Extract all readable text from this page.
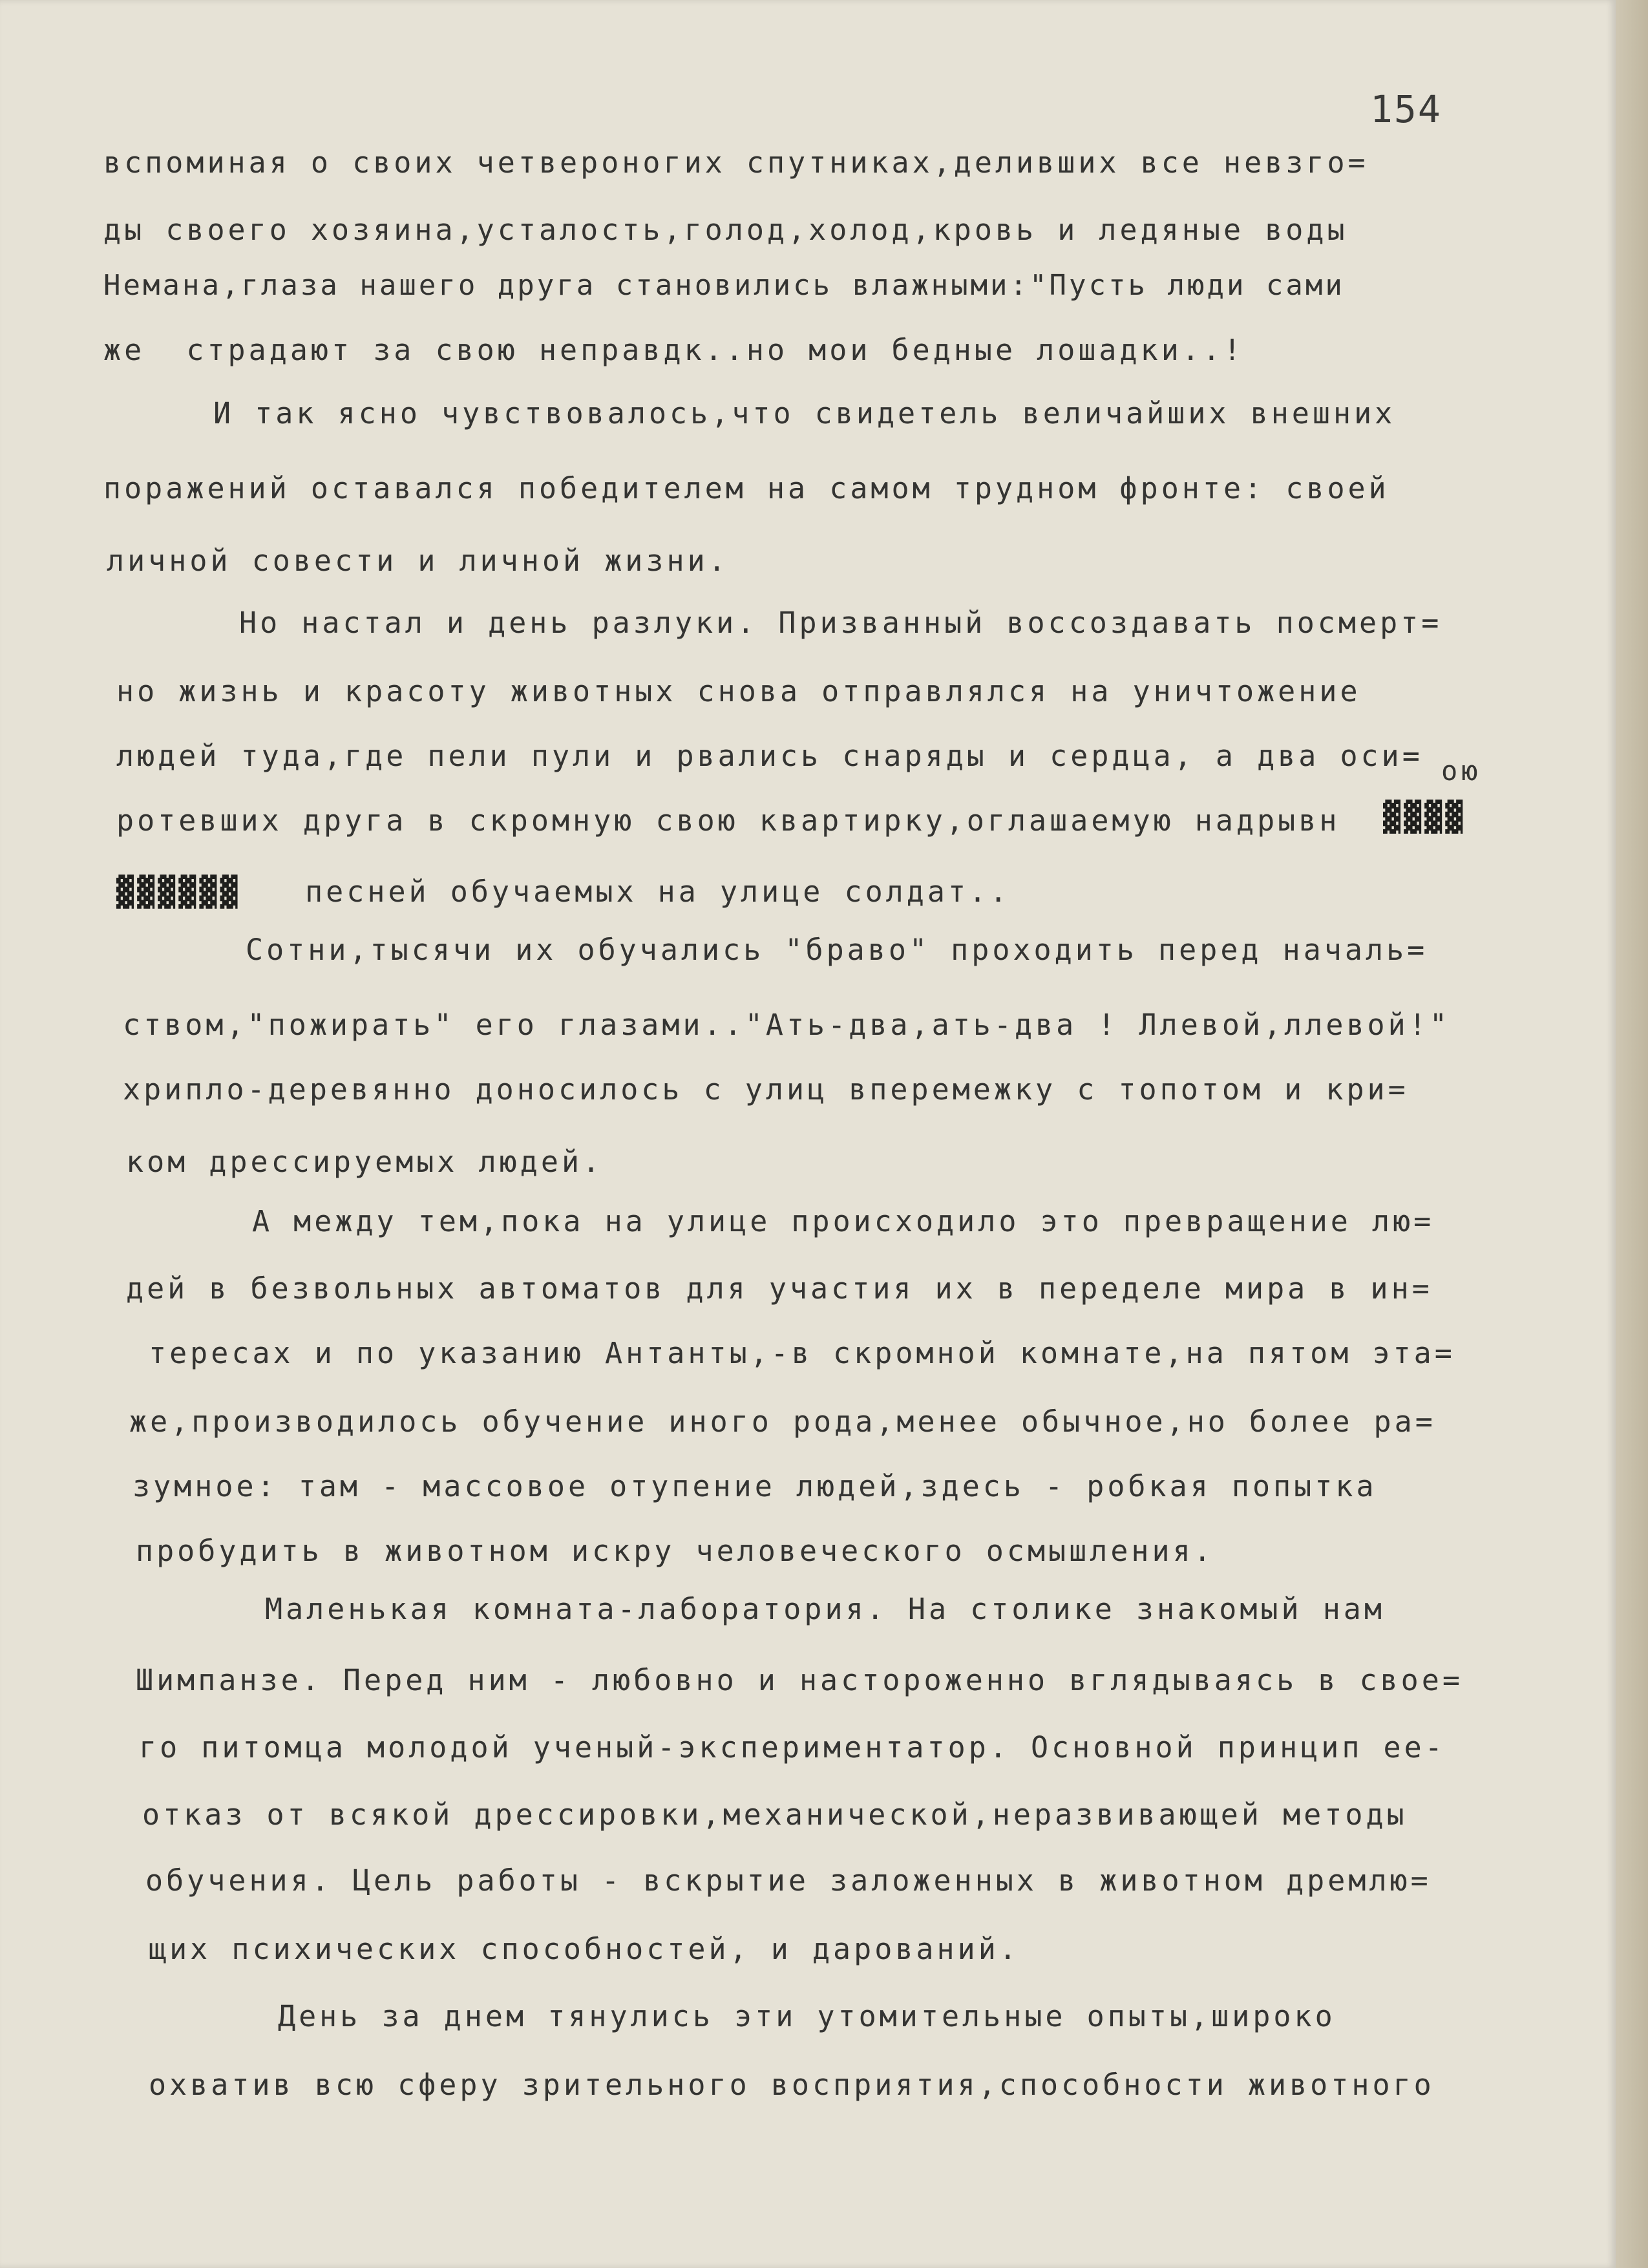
154
ою
вспоминая о своих четвероногих спутниках,деливших все невзго=
ды своего хозяина,усталость,голод,холод,кровь и ледяные воды
Немана,глаза нашего друга становились влажными:"Пусть люди сами
же  страдают за свою неправдк..но мои бедные лошадки..!
И так ясно чувствовалось,что свидетель величайших внешних
поражений оставался победителем на самом трудном фронте: своей
личной совести и личной жизни.
Но настал и день разлуки. Призванный воссоздавать посмерт=
но жизнь и красоту животных снова отправлялся на уничтожение
людей туда,где пели пули и рвались снаряды и сердца, а два оси=
ротевших друга в скромную свою квартирку,оглашаемую надрывн ▓▓▓▓
▓▓▓▓▓▓ песней обучаемых на улице солдат..
Сотни,тысячи их обучались "браво" проходить перед началь=
ством,"пожирать" его глазами.."Ать-два,ать-два ! Ллевой,ллевой!"
хрипло-деревянно доносилось с улиц вперемежку с топотом и кри=
ком дрессируемых людей.
А между тем,пока на улице происходило это превращение лю=
дей в безвольных автоматов для участия их в переделе мира в ин=
тересах и по указанию Антанты,-в скромной комнате,на пятом эта=
же,производилось обучение иного рода,менее обычное,но более ра=
зумное: там - массовое отупение людей,здесь - робкая попытка
пробудить в животном искру человеческого осмышления.
Маленькая комната-лаборатория. На столике знакомый нам
Шимпанзе. Перед ним - любовно и настороженно вглядываясь в свое=
го питомца молодой ученый-экспериментатор. Основной принцип ее-
отказ от всякой дрессировки,механической,неразвивающей методы
обучения. Цель работы - вскрытие заложенных в животном дремлю=
щих психических способностей, и дарований.
День за днем тянулись эти утомительные опыты,широко
охватив всю сферу зрительного восприятия,способности животного
